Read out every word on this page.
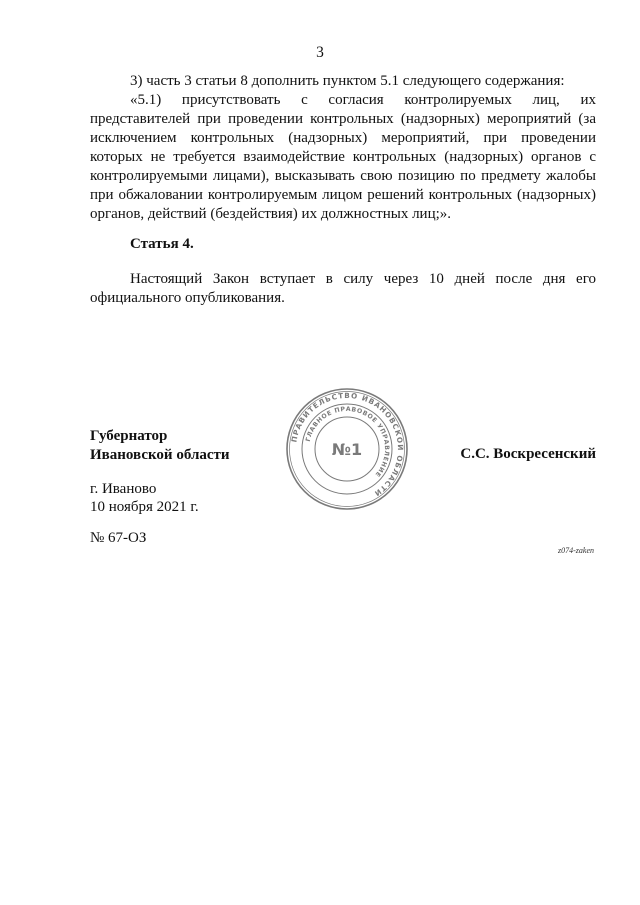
3

3) часть 3 статьи 8 дополнить пунктом 5.1 следующего содержания:

«5.1) присутствовать с согласия контролируемых лиц, их представителей при проведении контрольных (надзорных) мероприятий (за исключением контрольных (надзорных) мероприятий, при проведении которых не требуется взаимодействие контрольных (надзорных) органов с контролируемыми лицами), высказывать свою позицию по предмету жалобы при обжаловании контролируемым лицом решений контрольных (надзорных) органов, действий (бездействия) их должностных лиц;».

Статья 4.

Настоящий Закон вступает в силу через 10 дней после дня его официального опубликования.

Губернатор
Ивановской области
ПРАВИТЕЛЬСТВО ИВАНОВСКОЙ ОБЛАСТИ
ГЛАВНОЕ ПРАВОВОЕ УПРАВЛЕНИЕ
№1	С.С. Воскресенский
г. Иваново
10 ноября 2021 г.
№ 67-ОЗ
z074-zaken
